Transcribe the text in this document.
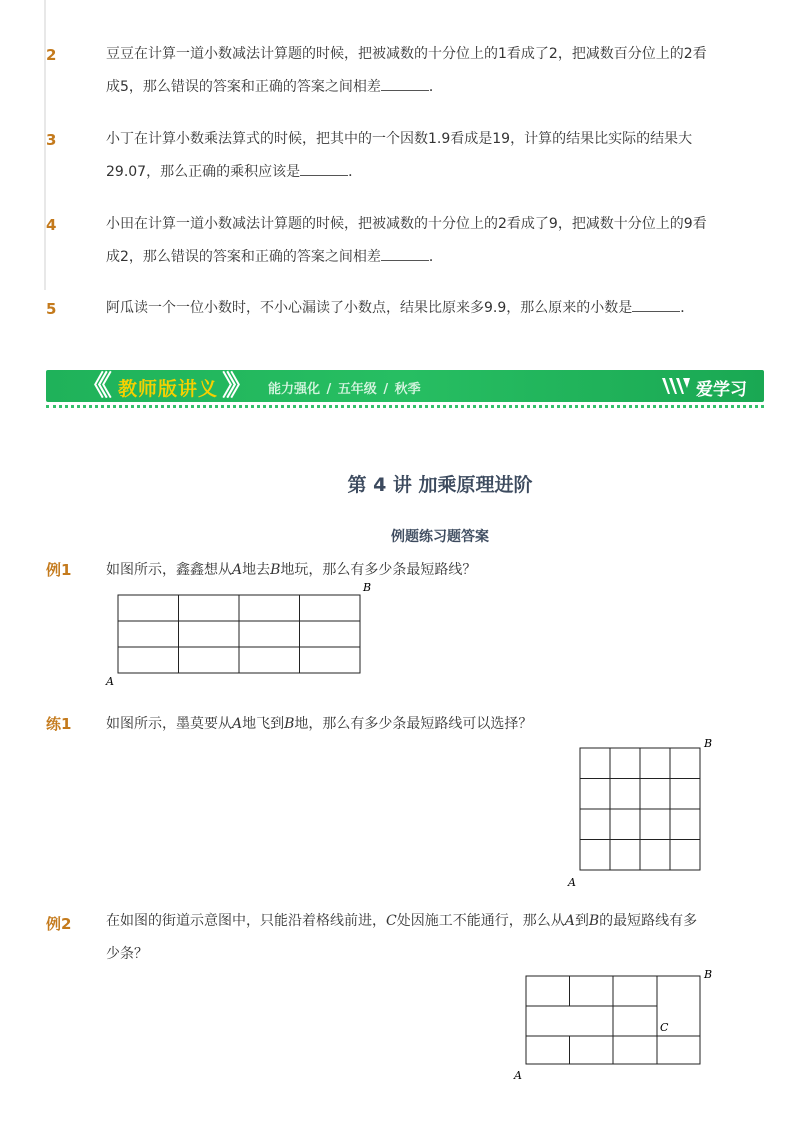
2	豆豆在计算一道小数减法计算题的时候，把被减数的十分位上的1看成了2，把减数百分位上的2看
成5，那么错误的答案和正确的答案之间相差	．
3	小丁在计算小数乘法算式的时候，把其中的一个因数1.9看成是19，计算的结果比实际的结果大
29.07，那么正确的乘积应该是	．
4	小田在计算一道小数减法计算题的时候，把被减数的十分位上的2看成了9，把减数十分位上的9看
成2，那么错误的答案和正确的答案之间相差	．
5	阿瓜读一个一位小数时，不小心漏读了小数点，结果比原来多9.9，那么原来的小数是	．
《《 教师版讲义 》》 能力强化 / 五年级 / 秋季	爱学习
第 4 讲 加乘原理进阶
例题练习题答案
例1 如图所示，鑫鑫想从A地去B地玩，那么有多少条最短路线？
B
A
练1 如图所示，墨莫要从A地飞到B地，那么有多少条最短路线可以选择？
B
A
例2 在如图的街道示意图中，只能沿着格线前进，C处因施工不能通行，那么从A到B的最短路线有多
少条？
B
C
A
